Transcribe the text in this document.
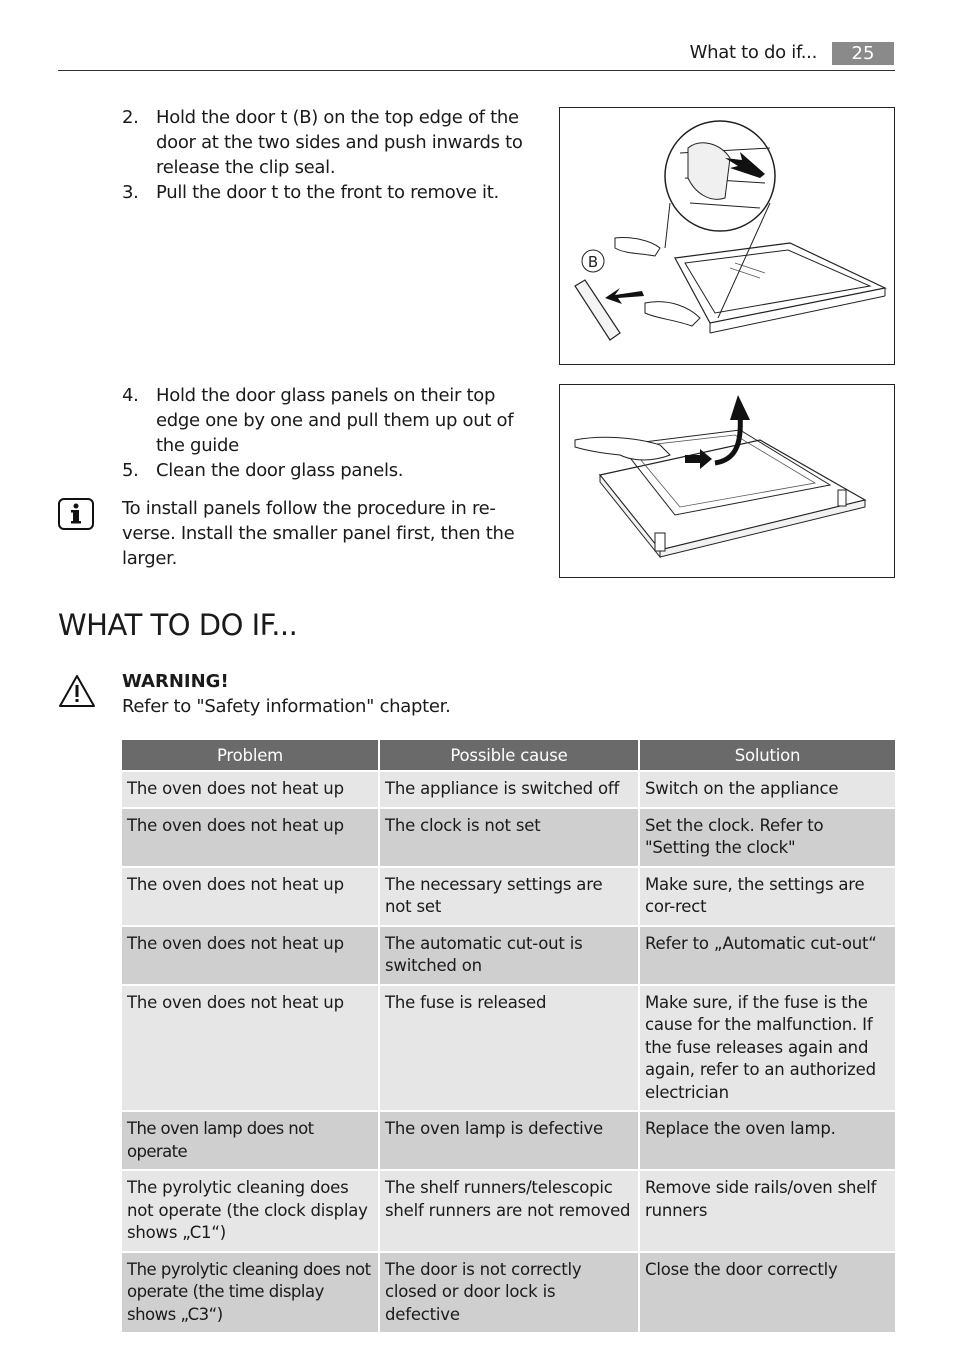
What to do if...	25
2. Hold the door t (B) on the top edge of the door at the two sides and push inwards to release the clip seal.
3. Pull the door t to the front to remove it.
B
4. Hold the door glass panels on their top edge one by one and pull them up out of the guide
5. Clean the door glass panels.
To install panels follow the procedure in re-verse. Install the smaller panel first, then the larger.
WHAT TO DO IF...
WARNING!
Refer to "Safety information" chapter.
Problem	Possible cause	Solution
The oven does not heat up	The appliance is switched off	Switch on the appliance
The oven does not heat up	The clock is not set	Set the clock. Refer to "Setting the clock"
The oven does not heat up	The necessary settings are not set	Make sure, the settings are cor-rect
The oven does not heat up	The automatic cut-out is switched on	Refer to „Automatic cut-out“
The oven does not heat up	The fuse is released	Make sure, if the fuse is the cause for the malfunction. If the fuse releases again and again, refer to an authorized electrician
The oven lamp does not operate	The oven lamp is defective	Replace the oven lamp.
The pyrolytic cleaning does not operate (the clock display shows „C1“)	The shelf runners/telescopic shelf runners are not removed	Remove side rails/oven shelf runners
The pyrolytic cleaning does not operate (the time display shows „C3“)	The door is not correctly closed or door lock is defective	Close the door correctly
